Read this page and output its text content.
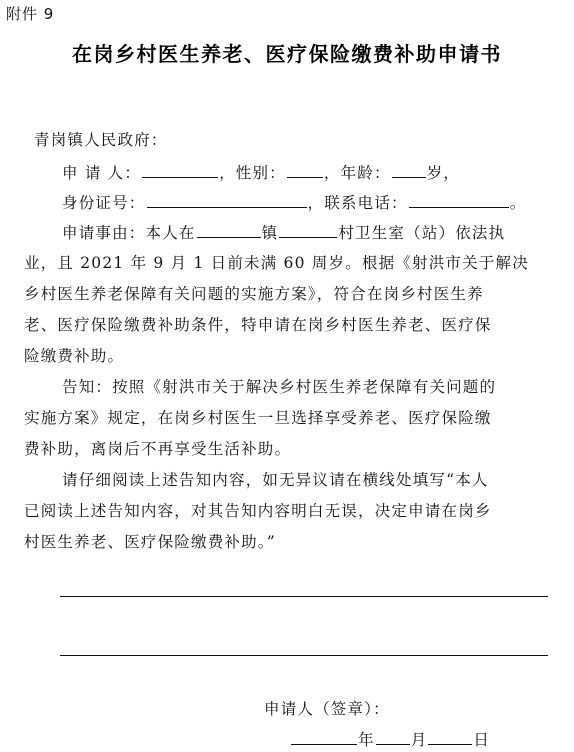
附件 9
在岗乡村医生养老、医疗保险缴费补助申请书
青岗镇人民政府：
申 请 人：	，性别： ，年龄： 岁，
身份证号：	，联系电话：	。
申请事由：本人在	镇	村卫生室（站）依法执
业，且 2021 年 9 月 1 日前未满 60 周岁。根据《射洪市关于解决
乡村医生养老保障有关问题的实施方案》，符合在岗乡村医生养
老、医疗保险缴费补助条件，特申请在岗乡村医生养老、医疗保
险缴费补助。
告知：按照《射洪市关于解决乡村医生养老保障有关问题的
实施方案》规定，在岗乡村医生一旦选择享受养老、医疗保险缴
费补助，离岗后不再享受生活补助。
请仔细阅读上述告知内容，如无异议请在横线处填写“本人
已阅读上述告知内容，对其告知内容明白无误，决定申请在岗乡
村医生养老、医疗保险缴费补助。”
申请人（签章）：
年 月	日
